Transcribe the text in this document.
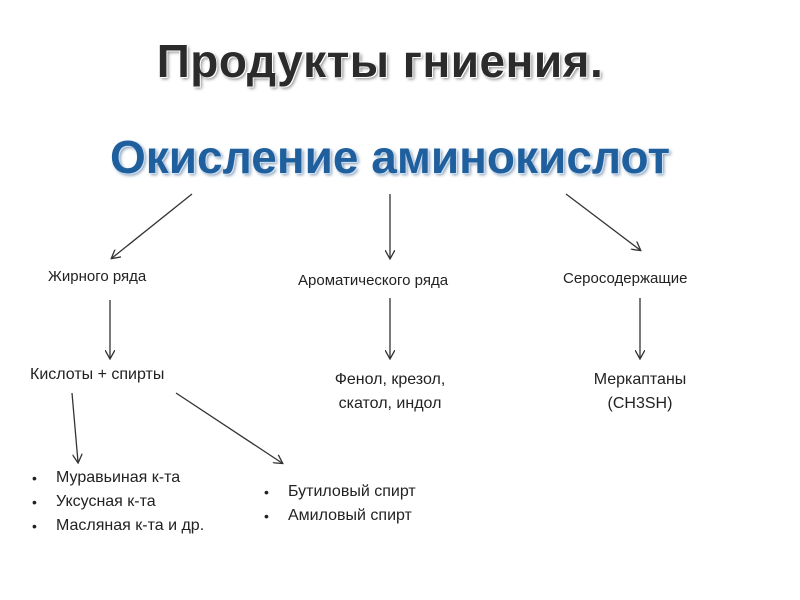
Продукты гниения.
Окисление аминокислот
Жирного ряда	Ароматического ряда	Серосодержащие
Кислоты + спирты	Фенол, крезол,
скатол, индол
Меркаптаны
(CH3SH)
• Муравьиная к-та
• Уксусная к-та
• Масляная к-та и др.
• Бутиловый спирт
• Амиловый спирт
